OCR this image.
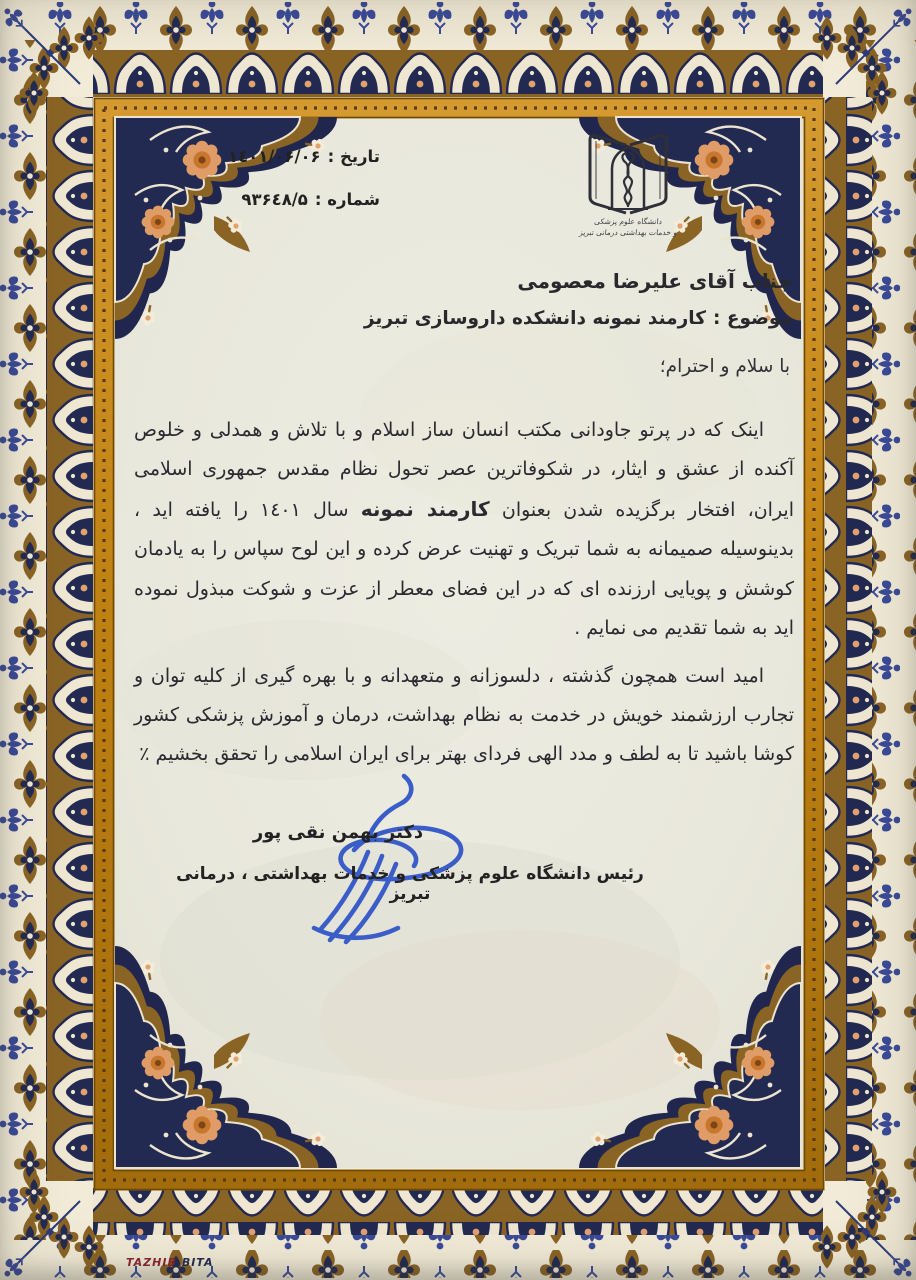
تاریخ :۱٤۰۱/۰۶/۰۶
شماره :۹۳۶٤۸/۵
دانشگاه علوم پزشکی
و خدمات بهداشتی درمانی تبریز
جناب آقای علیرضا معصومی
موضوع :کارمند نمونه دانشکده داروسازی تبریز
با سلام و احترام؛

اینک که در پرتو جاودانی مکتب انسان ساز اسلام و با تلاش و همدلی و خلوص آکنده از عشق و ایثار، در شکوفاترین عصر تحول نظام مقدس جمهوری اسلامی ایران، افتخار برگزیده شدن بعنوان کارمند نمونه سال ۱٤۰۱ را یافته اید ، بدینوسیله صمیمانه به شما تبریک و تهنیت عرض کرده و این لوح سپاس را به یادمان کوشش و پویایی ارزنده ای که در این فضای معطر از عزت و شوکت مبذول نموده اید به شما تقدیم می نمایم .

امید است همچون گذشته ، دلسوزانه و متعهدانه و با بهره گیری از کلیه توان و تجارب ارزشمند خویش در خدمت به نظام بهداشت، درمان و آموزش پزشکی کشور کوشا باشید تا به لطف و مدد الهی فردای بهتر برای ایران اسلامی را تحقق بخشیم ٪

دکتر بهمن نقی پور
رئیس دانشگاه علوم پزشکی و خدمات بهداشتی ، درمانی تبریز
TAZHIB BITA
